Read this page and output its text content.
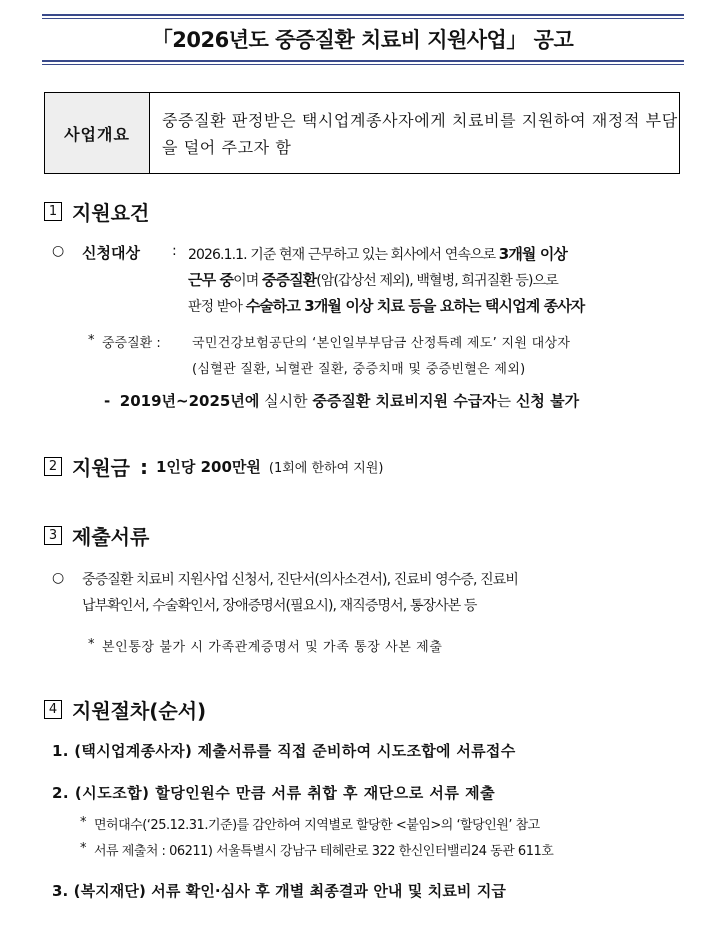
「2026년도 중증질환 치료비 지원사업」 공고
사업개요
중증질환 판정받은 택시업계종사자에게 치료비를 지원하여 재정적 부담을 덜어 주고자 함
1 지원요건
○ 신청대상 : 2026.1.1. 기준 현재 근무하고 있는 회사에서 연속으로 3개월 이상
근무 중이며 중증질환(암(갑상선 제외), 백혈병, 희귀질환 등)으로
판정 받아 수술하고 3개월 이상 치료 등을 요하는 택시업계 종사자
* 중증질환 : 국민건강보험공단의 ‘본인일부부담금 산정특례 제도’ 지원 대상자
(심혈관 질환, 뇌혈관 질환, 중증치매 및 중증빈혈은 제외)
- 2019년~2025년에 실시한 중증질환 치료비지원 수급자는 신청 불가
2 지원금 : 1인당 200만원 (1회에 한하여 지원)
3 제출서류
○ 중증질환 치료비 지원사업 신청서, 진단서(의사소견서), 진료비 영수증, 진료비
납부확인서, 수술확인서, 장애증명서(필요시), 재직증명서, 통장사본 등
* 본인통장 불가 시 가족관계증명서 및 가족 통장 사본 제출
4 지원절차(순서)
1. (택시업계종사자) 제출서류를 직접 준비하여 시도조합에 서류접수
2. (시도조합) 할당인원수 만큼 서류 취합 후 재단으로 서류 제출
* 면허대수(‘25.12.31.기준)를 감안하여 지역별로 할당한 <붙임>의 ‘할당인원’ 참고
* 서류 제출처 : 06211) 서울특별시 강남구 테헤란로 322 한신인터밸리24 동관 611호
3. (복지재단) 서류 확인·심사 후 개별 최종결과 안내 및 치료비 지급
